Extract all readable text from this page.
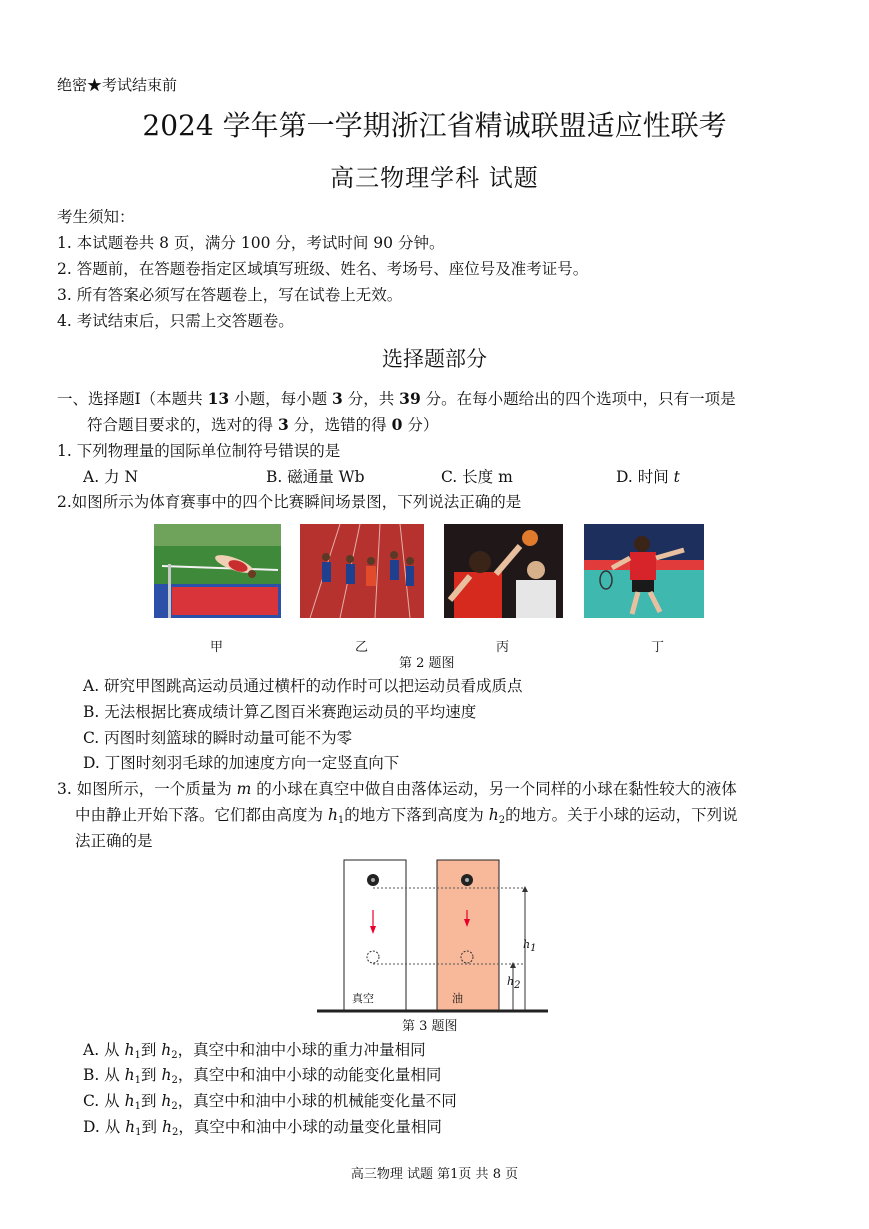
绝密★考试结束前
2024 学年第一学期浙江省精诚联盟适应性联考
高三物理学科 试题
考生须知：
1. 本试题卷共 8 页，满分 100 分，考试时间 90 分钟。
2. 答题前，在答题卷指定区域填写班级、姓名、考场号、座位号及准考证号。
3. 所有答案必须写在答题卷上，写在试卷上无效。
4. 考试结束后，只需上交答题卷。
选择题部分
一、选择题Ⅰ（本题共 13 小题，每小题 3 分，共 39 分。在每小题给出的四个选项中，只有一项是
符合题目要求的，选对的得 3 分，选错的得 0 分）
1. 下列物理量的国际单位制符号错误的是
A. 力 N	B. 磁通量 Wb	C. 长度 m	D. 时间 t
2.如图所示为体育赛事中的四个比赛瞬间场景图，下列说法正确的是
甲	乙	丙	丁
第 2 题图
A. 研究甲图跳高运动员通过横杆的动作时可以把运动员看成质点
B. 无法根据比赛成绩计算乙图百米赛跑运动员的平均速度
C. 丙图时刻篮球的瞬时动量可能不为零
D. 丁图时刻羽毛球的加速度方向一定竖直向下
3. 如图所示，一个质量为 m 的小球在真空中做自由落体运动，另一个同样的小球在黏性较大的液体
中由静止开始下落。它们都由高度为 $h_1$的地方下落到高度为 $h_2$的地方。关于小球的运动，下列说
法正确的是
$h_1$
$h_2$
真空	油
第 3 题图
A. 从 $h_1$到 $h_2$，真空中和油中小球的重力冲量相同
B. 从 $h_1$到 $h_2$，真空中和油中小球的动能变化量相同
C. 从 $h_1$到 $h_2$，真空中和油中小球的机械能变化量不同
D. 从 $h_1$到 $h_2$，真空中和油中小球的动量变化量相同
高三物理 试题 第1页 共 8 页
